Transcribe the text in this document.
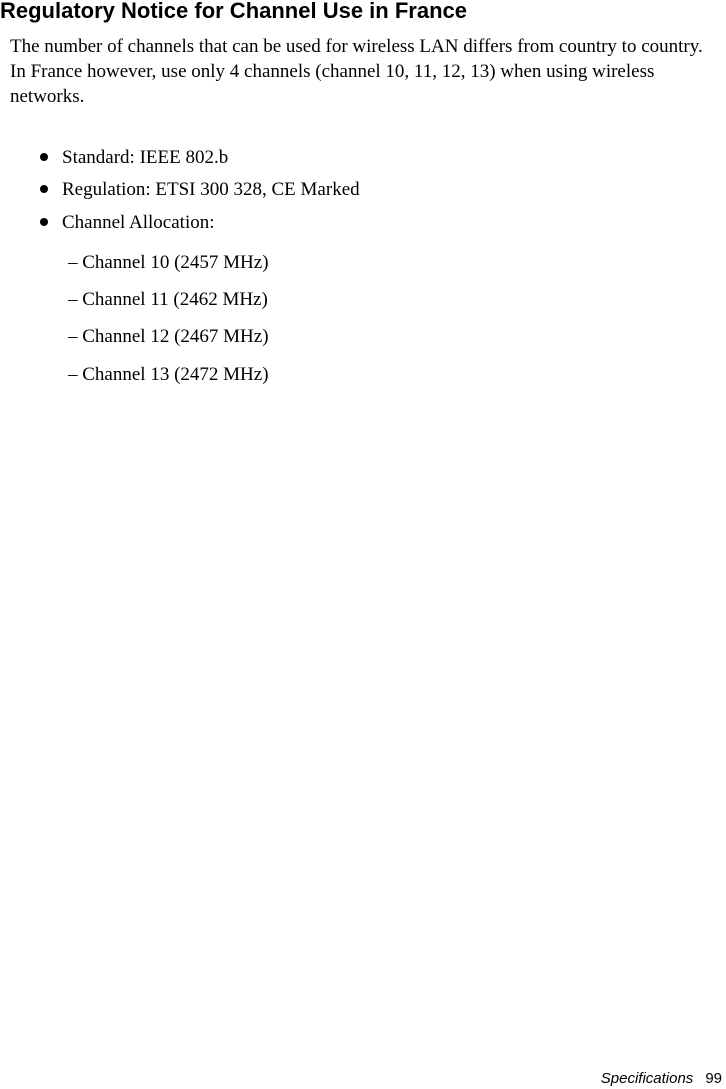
Regulatory Notice for Channel Use in France

The number of channels that can be used for wireless LAN differs from country to country. In France however, use only 4 channels (channel 10, 11, 12, 13) when using wireless networks.

Standard: IEEE 802.b
Regulation: ETSI 300 328, CE Marked
Channel Allocation:
– Channel 10 (2457 MHz)
– Channel 11 (2462 MHz)
– Channel 12 (2467 MHz)
– Channel 13 (2472 MHz)
Specifications 99
